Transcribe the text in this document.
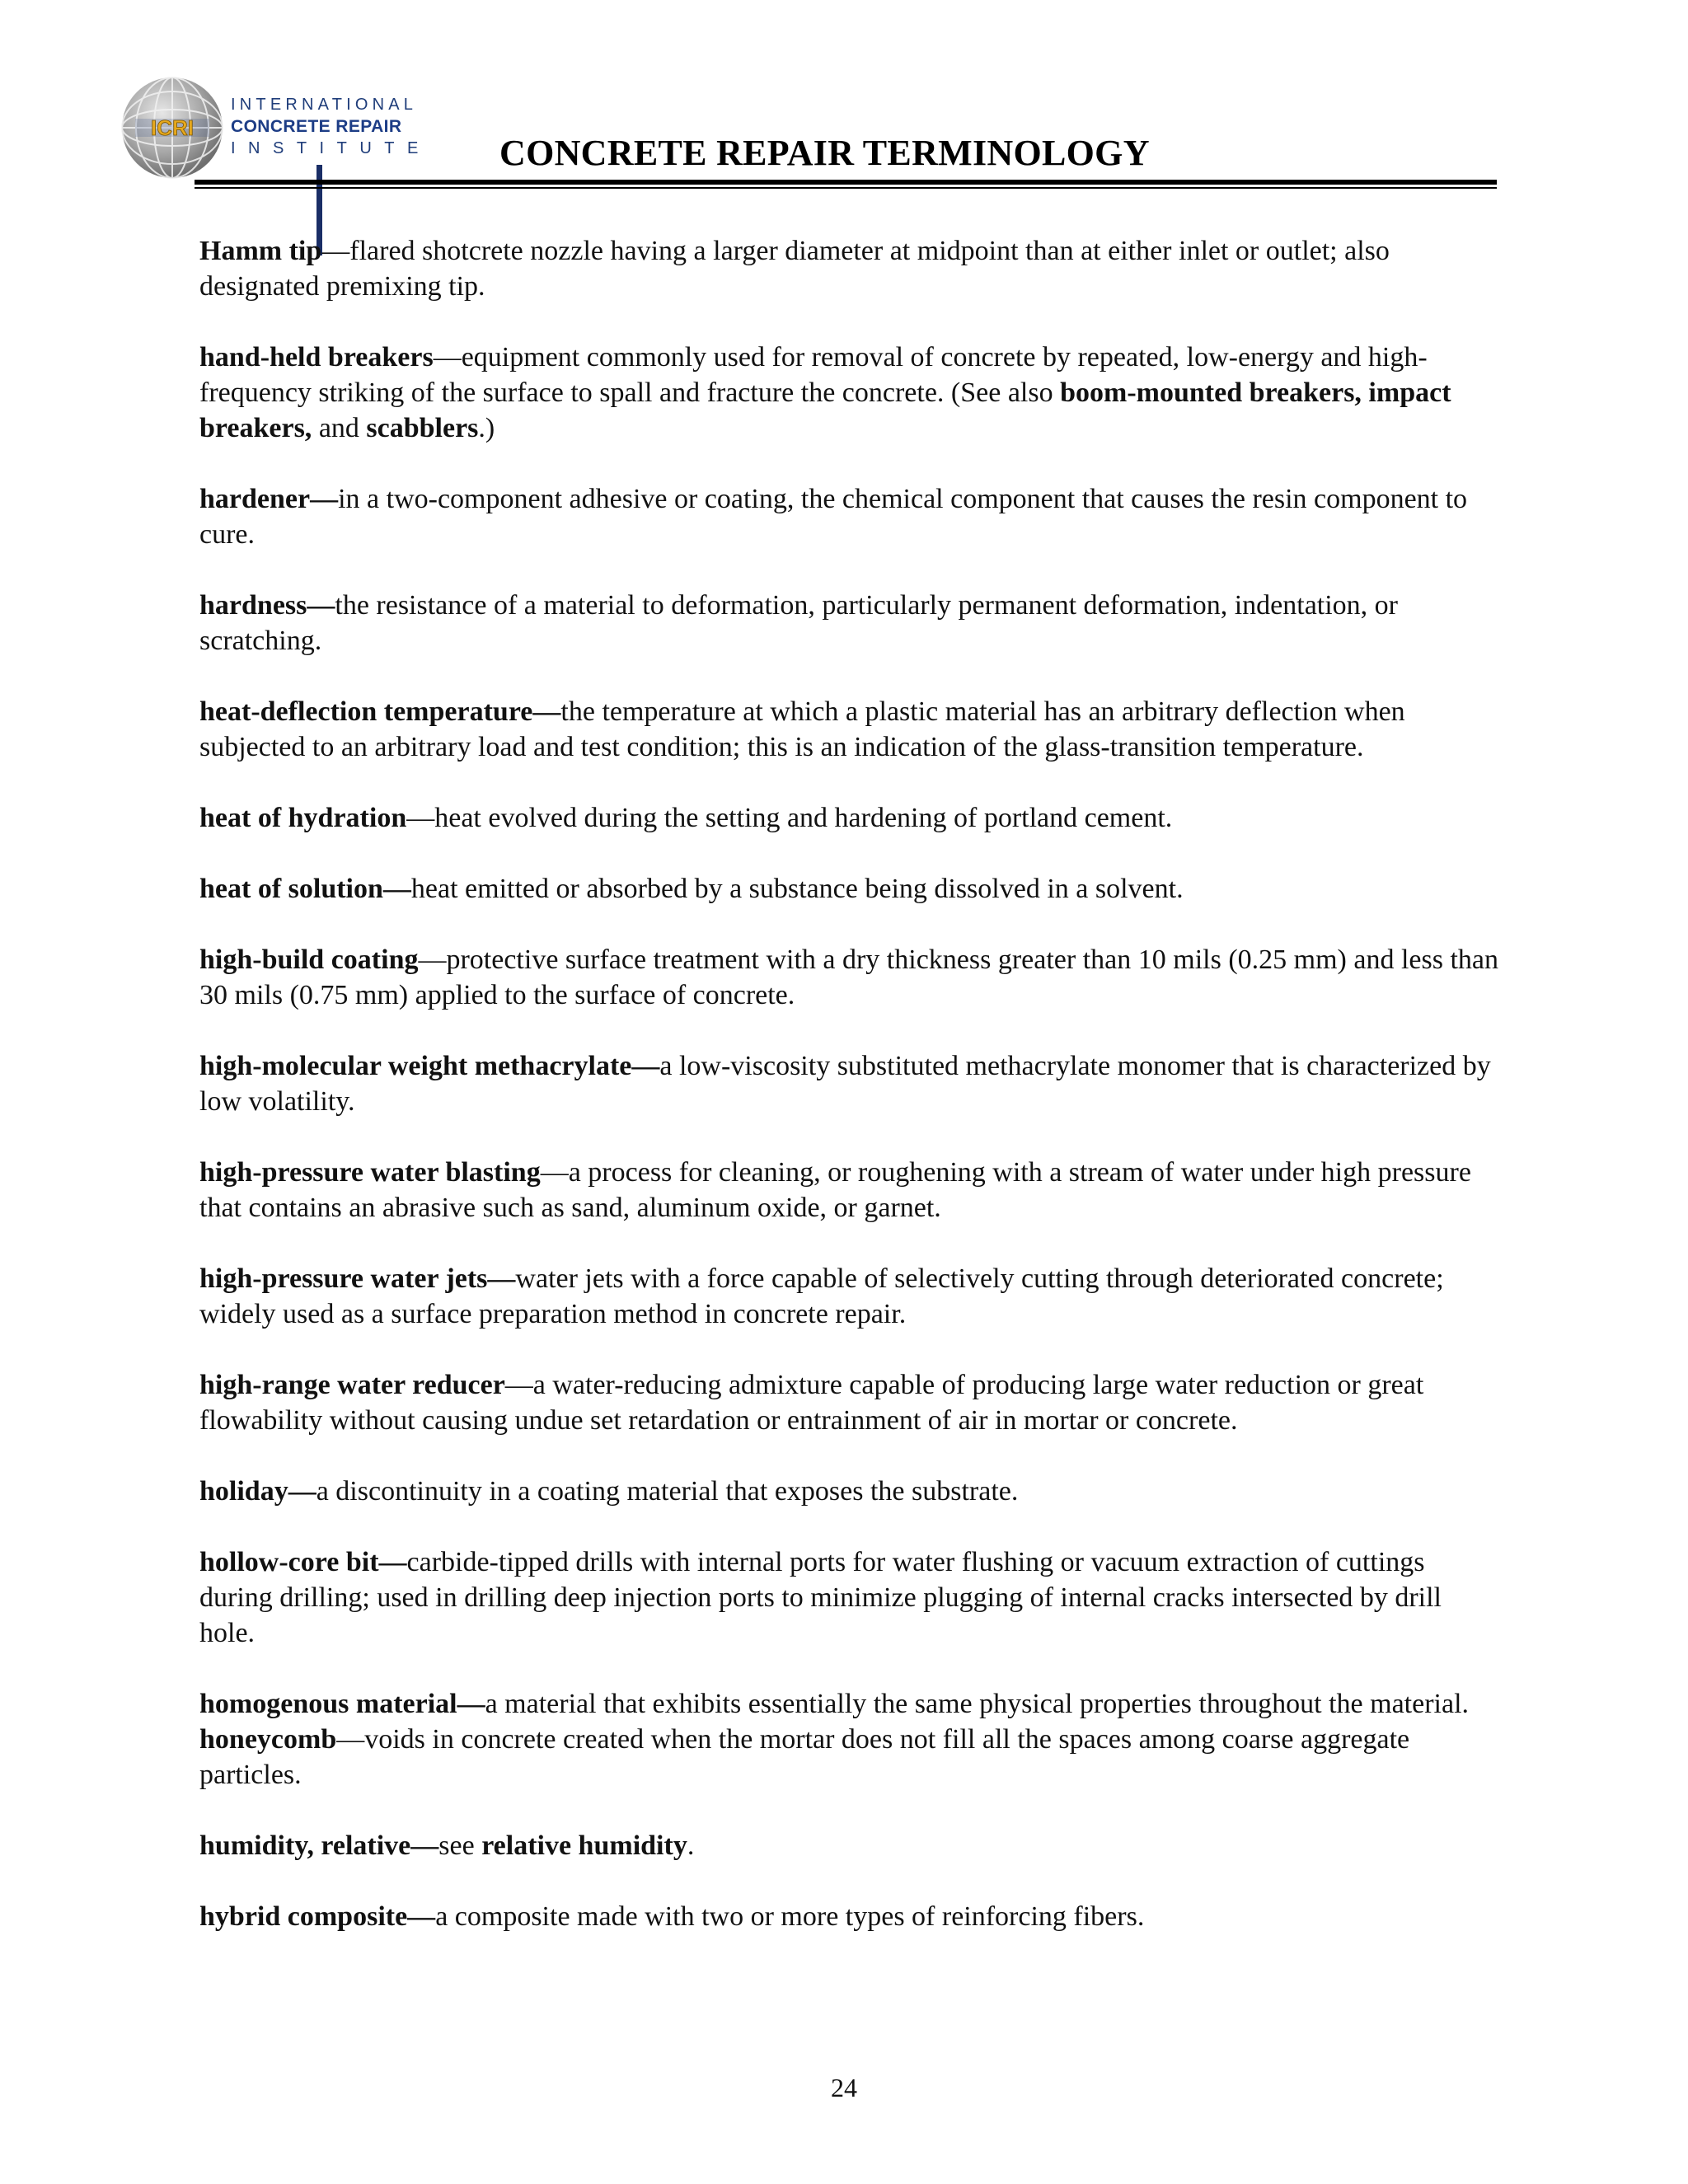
ICRI
INTERNATIONAL
CONCRETE REPAIR
INSTITUTE CONCRETE REPAIR TERMINOLOGY

Hamm tip—flared shotcrete nozzle having a larger diameter at midpoint than at either inlet or outlet; also designated premixing tip.

hand-held breakers—equipment commonly used for removal of concrete by repeated, low-energy and high-frequency striking of the surface to spall and fracture the concrete. (See also boom-mounted breakers, impact breakers, and scabblers.)

hardener—in a two-component adhesive or coating, the chemical component that causes the resin component to cure.

hardness—the resistance of a material to deformation, particularly permanent deformation, indentation, or scratching.

heat-deflection temperature—the temperature at which a plastic material has an arbitrary deflection when subjected to an arbitrary load and test condition; this is an indication of the glass-transition temperature.

heat of hydration—heat evolved during the setting and hardening of portland cement.

heat of solution—heat emitted or absorbed by a substance being dissolved in a solvent.

high-build coating—protective surface treatment with a dry thickness greater than 10 mils (0.25 mm) and less than 30 mils (0.75 mm) applied to the surface of concrete.

high-molecular weight methacrylate—a low-viscosity substituted methacrylate monomer that is characterized by low volatility.

high-pressure water blasting—a process for cleaning, or roughening with a stream of water under high pressure that contains an abrasive such as sand, aluminum oxide, or garnet.

high-pressure water jets—water jets with a force capable of selectively cutting through deteriorated concrete; widely used as a surface preparation method in concrete repair.

high-range water reducer—a water-reducing admixture capable of producing large water reduction or great flowability without causing undue set retardation or entrainment of air in mortar or concrete.

holiday—a discontinuity in a coating material that exposes the substrate.

hollow-core bit—carbide-tipped drills with internal ports for water flushing or vacuum extraction of cuttings during drilling; used in drilling deep injection ports to minimize plugging of internal cracks intersected by drill hole.

homogenous material—a material that exhibits essentially the same physical properties throughout the material.

honeycomb—voids in concrete created when the mortar does not fill all the spaces among coarse aggregate particles.

humidity, relative—see relative humidity.

hybrid composite—a composite made with two or more types of reinforcing fibers.

24
